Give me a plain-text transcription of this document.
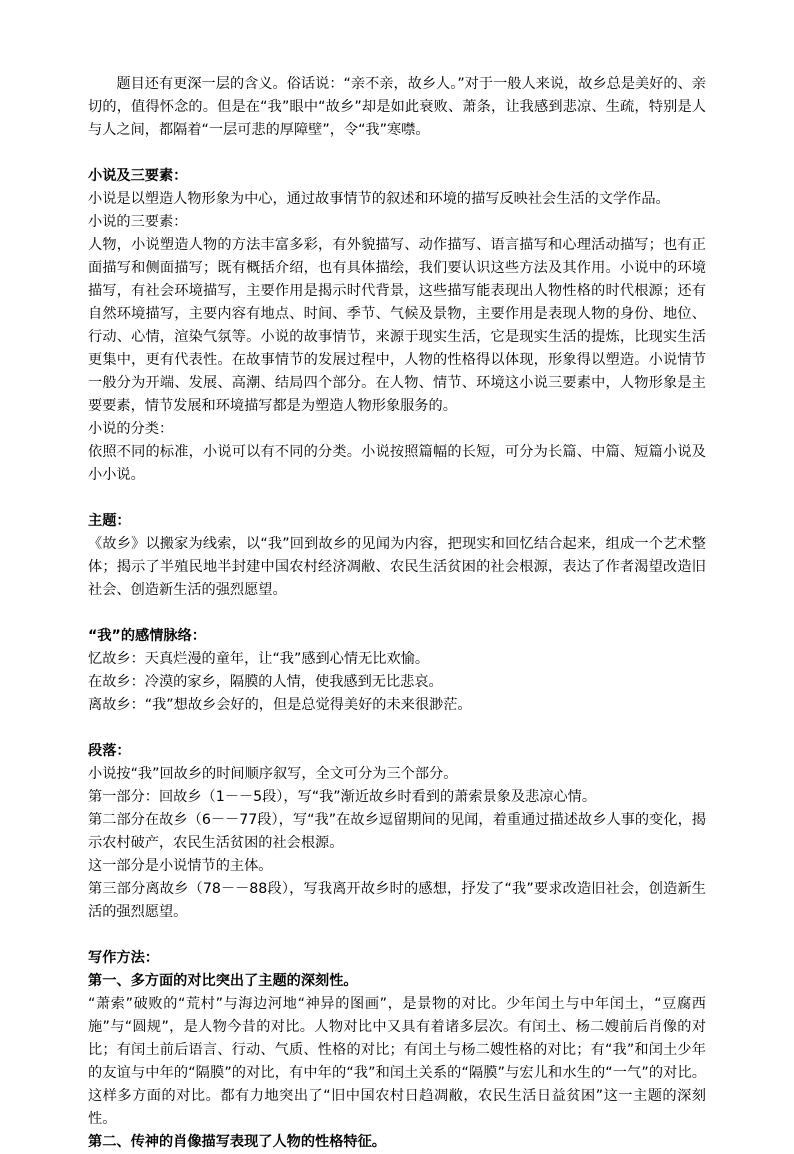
题目还有更深一层的含义。俗话说：“亲不亲，故乡人。”对于一般人来说，故乡总是美好的、亲切的，值得怀念的。但是在“我”眼中“故乡”却是如此衰败、萧条，让我感到悲凉、生疏，特别是人与人之间，都隔着“一层可悲的厚障壁”，令“我”寒噤。

小说及三要素：

小说是以塑造人物形象为中心，通过故事情节的叙述和环境的描写反映社会生活的文学作品。

小说的三要素：

人物，小说塑造人物的方法丰富多彩，有外貌描写、动作描写、语言描写和心理活动描写；也有正面描写和侧面描写；既有概括介绍，也有具体描绘，我们要认识这些方法及其作用。小说中的环境描写，有社会环境描写，主要作用是揭示时代背景，这些描写能表现出人物性格的时代根源；还有自然环境描写，主要内容有地点、时间、季节、气候及景物，主要作用是表现人物的身份、地位、行动、心情，渲染气氛等。小说的故事情节，来源于现实生活，它是现实生活的提炼，比现实生活更集中，更有代表性。在故事情节的发展过程中，人物的性格得以体现，形象得以塑造。小说情节一般分为开端、发展、高潮、结局四个部分。在人物、情节、环境这小说三要素中，人物形象是主要要素，情节发展和环境描写都是为塑造人物形象服务的。

小说的分类：

依照不同的标准，小说可以有不同的分类。小说按照篇幅的长短，可分为长篇、中篇、短篇小说及小小说。

主题：

《故乡》以搬家为线索，以“我”回到故乡的见闻为内容，把现实和回忆结合起来，组成一个艺术整体；揭示了半殖民地半封建中国农村经济凋敝、农民生活贫困的社会根源，表达了作者渴望改造旧社会、创造新生活的强烈愿望。

“我”的感情脉络：

忆故乡：天真烂漫的童年，让“我”感到心情无比欢愉。

在故乡：冷漠的家乡，隔膜的人情，使我感到无比悲哀。

离故乡：“我”想故乡会好的，但是总觉得美好的未来很渺茫。

段落：

小说按“我”回故乡的时间顺序叙写，全文可分为三个部分。

第一部分：回故乡（1－－5段），写“我”渐近故乡时看到的萧索景象及悲凉心情。

第二部分在故乡（6－－77段），写“我”在故乡逗留期间的见闻，着重通过描述故乡人事的变化，揭示农村破产，农民生活贫困的社会根源。

这一部分是小说情节的主体。

第三部分离故乡（78－－88段），写我离开故乡时的感想，抒发了“我”要求改造旧社会，创造新生活的强烈愿望。

写作方法：

第一、多方面的对比突出了主题的深刻性。

“萧索”破败的“荒村”与海边河地“神异的图画”，是景物的对比。少年闰土与中年闰土，“豆腐西施”与“圆规”，是人物今昔的对比。人物对比中又具有着诸多层次。有闰土、杨二嫂前后肖像的对比；有闰土前后语言、行动、气质、性格的对比；有闰土与杨二嫂性格的对比；有“我”和闰土少年的友谊与中年的“隔膜”的对比，有中年的“我”和闰土关系的“隔膜”与宏儿和水生的“一气”的对比。这样多方面的对比。都有力地突出了“旧中国农村日趋凋敝，农民生活日益贫困”这一主题的深刻性。

第二、传神的肖像描写表现了人物的性格特征。
